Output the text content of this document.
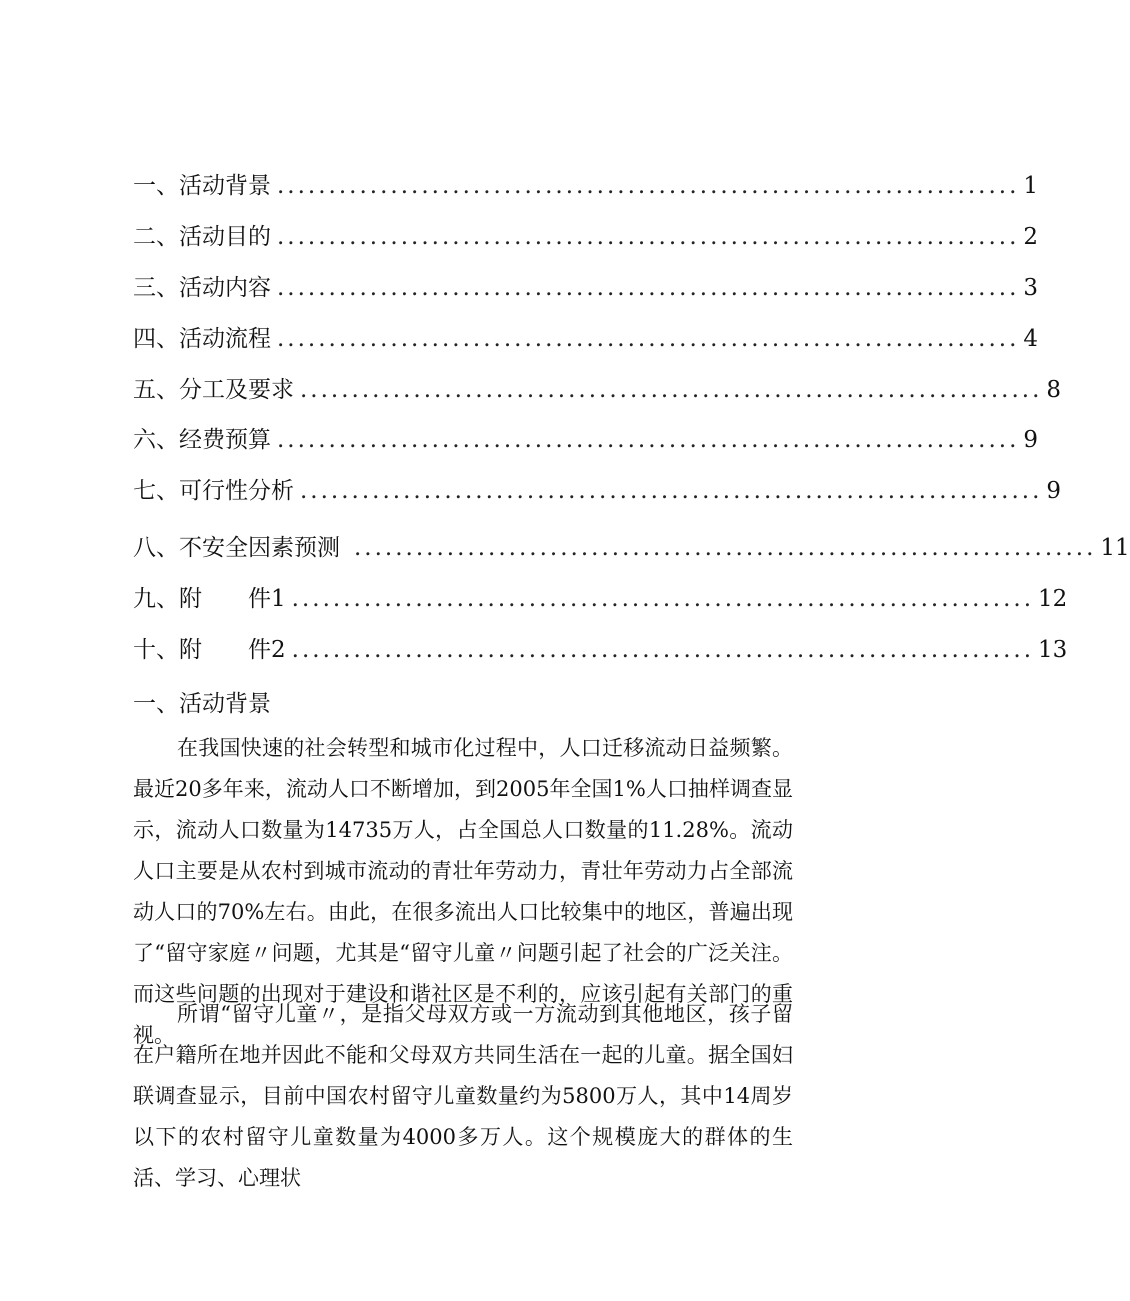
一、活动背景 ........................................................................ 1
二、活动目的 ........................................................................ 2
三、活动内容 ........................................................................ 3
四、活动流程 ........................................................................ 4
五、分工及要求 ........................................................................ 8
六、经费预算 ........................................................................ 9
七、可行性分析 ........................................................................ 9
八、不安全因素预测 ........................................................................ 11
九、附　　件1 ........................................................................ 12
十、附　　件2 ........................................................................ 13
一、活动背景

在我国快速的社会转型和城市化过程中，人口迁移流动日益频繁。最近20多年来，流动人口不断增加，到2005年全国1%人口抽样调查显示，流动人口数量为14735万人，占全国总人口数量的11.28%。流动人口主要是从农村到城市流动的青壮年劳动力，青壮年劳动力占全部流动人口的70%左右。由此，在很多流出人口比较集中的地区，普遍出现了“留守家庭〃问题，尤其是“留守儿童〃问题引起了社会的广泛关注。而这些问题的出现对于建设和谐社区是不利的，应该引起有关部门的重视。

所谓“留守儿童〃，是指父母双方或一方流动到其他地区，孩子留在户籍所在地并因此不能和父母双方共同生活在一起的儿童。据全国妇联调查显示，目前中国农村留守儿童数量约为5800万人，其中14周岁以下的农村留守儿童数量为4000多万人。这个规模庞大的群体的生活、学习、心理状
